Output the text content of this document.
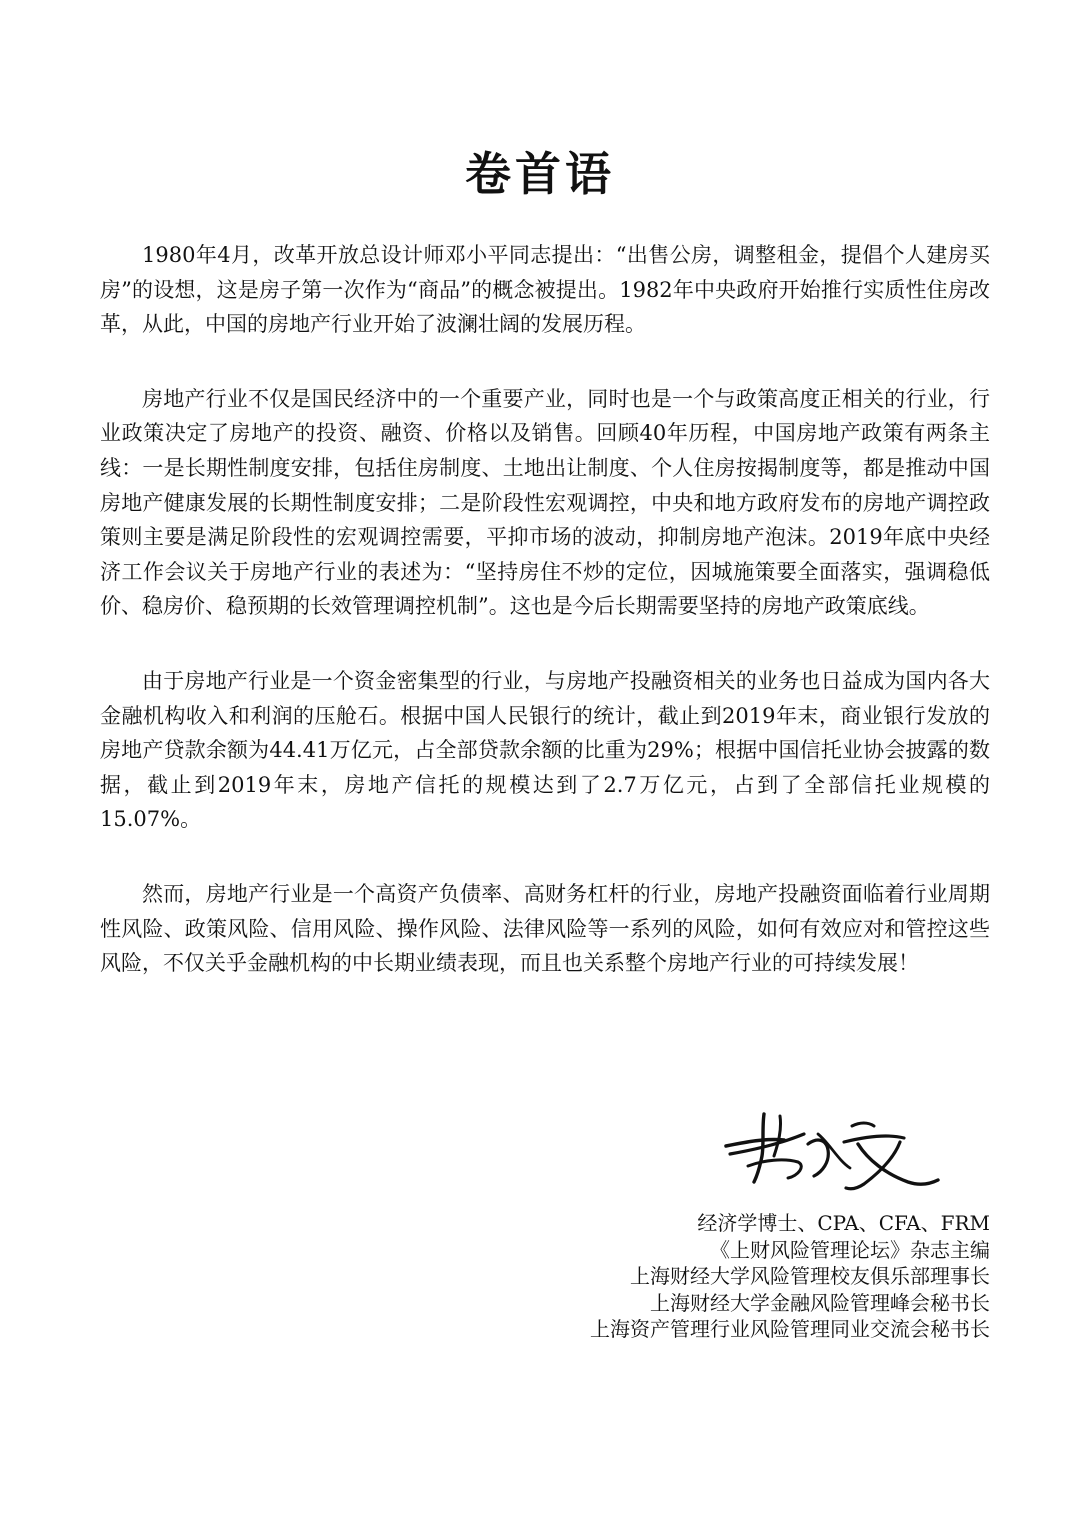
卷首语

1980年4月，改革开放总设计师邓小平同志提出：“出售公房，调整租金，提倡个人建房买房”的设想，这是房子第一次作为“商品”的概念被提出。1982年中央政府开始推行实质性住房改革，从此，中国的房地产行业开始了波澜壮阔的发展历程。

房地产行业不仅是国民经济中的一个重要产业，同时也是一个与政策高度正相关的行业，行业政策决定了房地产的投资、融资、价格以及销售。回顾40年历程，中国房地产政策有两条主线：一是长期性制度安排，包括住房制度、土地出让制度、个人住房按揭制度等，都是推动中国房地产健康发展的长期性制度安排；二是阶段性宏观调控，中央和地方政府发布的房地产调控政策则主要是满足阶段性的宏观调控需要，平抑市场的波动，抑制房地产泡沫。2019年底中央经济工作会议关于房地产行业的表述为：“坚持房住不炒的定位，因城施策要全面落实，强调稳低价、稳房价、稳预期的长效管理调控机制”。这也是今后长期需要坚持的房地产政策底线。

由于房地产行业是一个资金密集型的行业，与房地产投融资相关的业务也日益成为国内各大金融机构收入和利润的压舱石。根据中国人民银行的统计，截止到2019年末，商业银行发放的房地产贷款余额为44.41万亿元，占全部贷款余额的比重为29%；根据中国信托业协会披露的数据，截止到2019年末，房地产信托的规模达到了2.7万亿元，占到了全部信托业规模的15.07%。

然而，房地产行业是一个高资产负债率、高财务杠杆的行业，房地产投融资面临着行业周期性风险、政策风险、信用风险、操作风险、法律风险等一系列的风险，如何有效应对和管控这些风险，不仅关乎金融机构的中长期业绩表现，而且也关系整个房地产行业的可持续发展！

经济学博士、CPA、CFA、FRM
《上财风险管理论坛》杂志主编
上海财经大学风险管理校友俱乐部理事长
上海财经大学金融风险管理峰会秘书长
上海资产管理行业风险管理同业交流会秘书长
